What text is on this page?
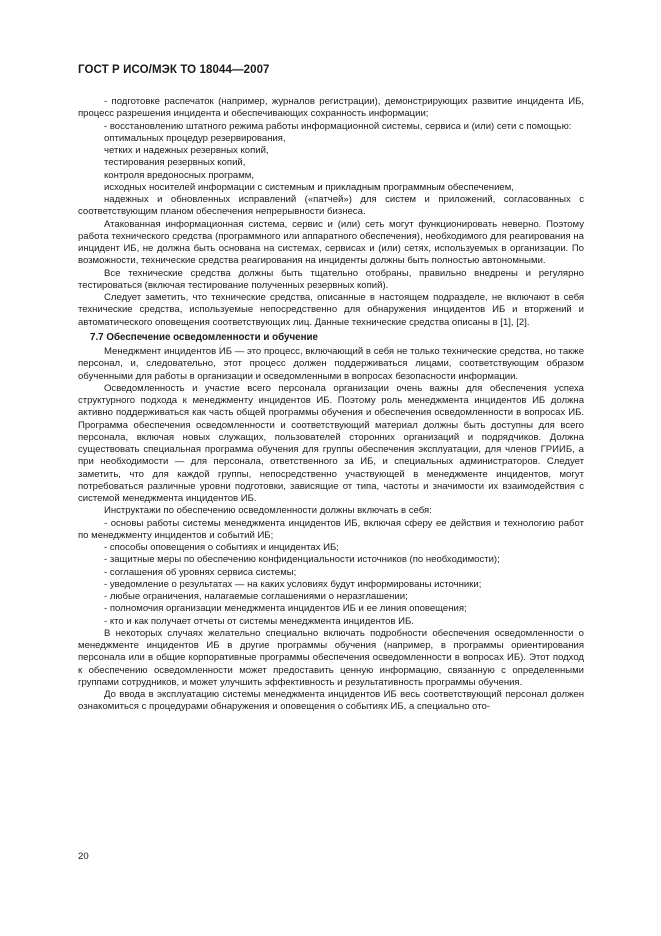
ГОСТ Р ИСО/МЭК ТО 18044—2007

- подготовке распечаток (например, журналов регистрации), демонстрирующих развитие инцидента ИБ, процесс разрешения инцидента и обеспечивающих сохранность информации;

- восстановлению штатного режима работы информационной системы, сервиса и (или) сети с помощью:

оптимальных процедур резервирования,

четких и надежных резервных копий,

тестирования резервных копий,

контроля вредоносных программ,

исходных носителей информации с системным и прикладным программным обеспечением,

надежных и обновленных исправлений («патчей») для систем и приложений, согласованных с соответствующим планом обеспечения непрерывности бизнеса.

Атакованная информационная система, сервис и (или) сеть могут функционировать неверно. Поэтому работа технического средства (программного или аппаратного обеспечения), необходимого для реагирования на инцидент ИБ, не должна быть основана на системах, сервисах и (или) сетях, используемых в организации. По возможности, технические средства реагирования на инциденты должны быть полностью автономными.

Все технические средства должны быть тщательно отобраны, правильно внедрены и регулярно тестироваться (включая тестирование полученных резервных копий).

Следует заметить, что технические средства, описанные в настоящем подразделе, не включают в себя технические средства, используемые непосредственно для обнаружения инцидентов ИБ и вторжений и автоматического оповещения соответствующих лиц. Данные технические средства описаны в [1], [2].

7.7 Обеспечение осведомленности и обучение

Менеджмент инцидентов ИБ — это процесс, включающий в себя не только технические средства, но также персонал, и, следовательно, этот процесс должен поддерживаться лицами, соответствующим образом обученными для работы в организации и осведомленными в вопросах безопасности информации.

Осведомленность и участие всего персонала организации очень важны для обеспечения успеха структурного подхода к менеджменту инцидентов ИБ. Поэтому роль менеджмента инцидентов ИБ должна активно поддерживаться как часть общей программы обучения и обеспечения осведомленности в вопросах ИБ. Программа обеспечения осведомленности и соответствующий материал должны быть доступны для всего персонала, включая новых служащих, пользователей сторонних организаций и подрядчиков. Должна существовать специальная программа обучения для группы обеспечения эксплуатации, для членов ГРИИБ, а при необходимости — для персонала, ответственного за ИБ, и специальных администраторов. Следует заметить, что для каждой группы, непосредственно участвующей в менеджменте инцидентов, могут потребоваться различные уровни подготовки, зависящие от типа, частоты и значимости их взаимодействия с системой менеджмента инцидентов ИБ.

Инструктажи по обеспечению осведомленности должны включать в себя:

- основы работы системы менеджмента инцидентов ИБ, включая сферу ее действия и технологию работ по менеджменту инцидентов и событий ИБ;

- способы оповещения о событиях и инцидентах ИБ;

- защитные меры по обеспечению конфиденциальности источников (по необходимости);

- соглашения об уровнях сервиса системы;

- уведомление о результатах — на каких условиях будут информированы источники;

- любые ограничения, налагаемые соглашениями о неразглашении;

- полномочия организации менеджмента инцидентов ИБ и ее линия оповещения;

- кто и как получает отчеты от системы менеджмента инцидентов ИБ.

В некоторых случаях желательно специально включать подробности обеспечения осведомленности о менеджменте инцидентов ИБ в другие программы обучения (например, в программы ориентирования персонала или в общие корпоративные программы обеспечения осведомленности в вопросах ИБ). Этот подход к обеспечению осведомленности может предоставить ценную информацию, связанную с определенными группами сотрудников, и может улучшить эффективность и результативность программы обучения.

До ввода в эксплуатацию системы менеджмента инцидентов ИБ весь соответствующий персонал должен ознакомиться с процедурами обнаружения и оповещения о событиях ИБ, а специально ото-

20
